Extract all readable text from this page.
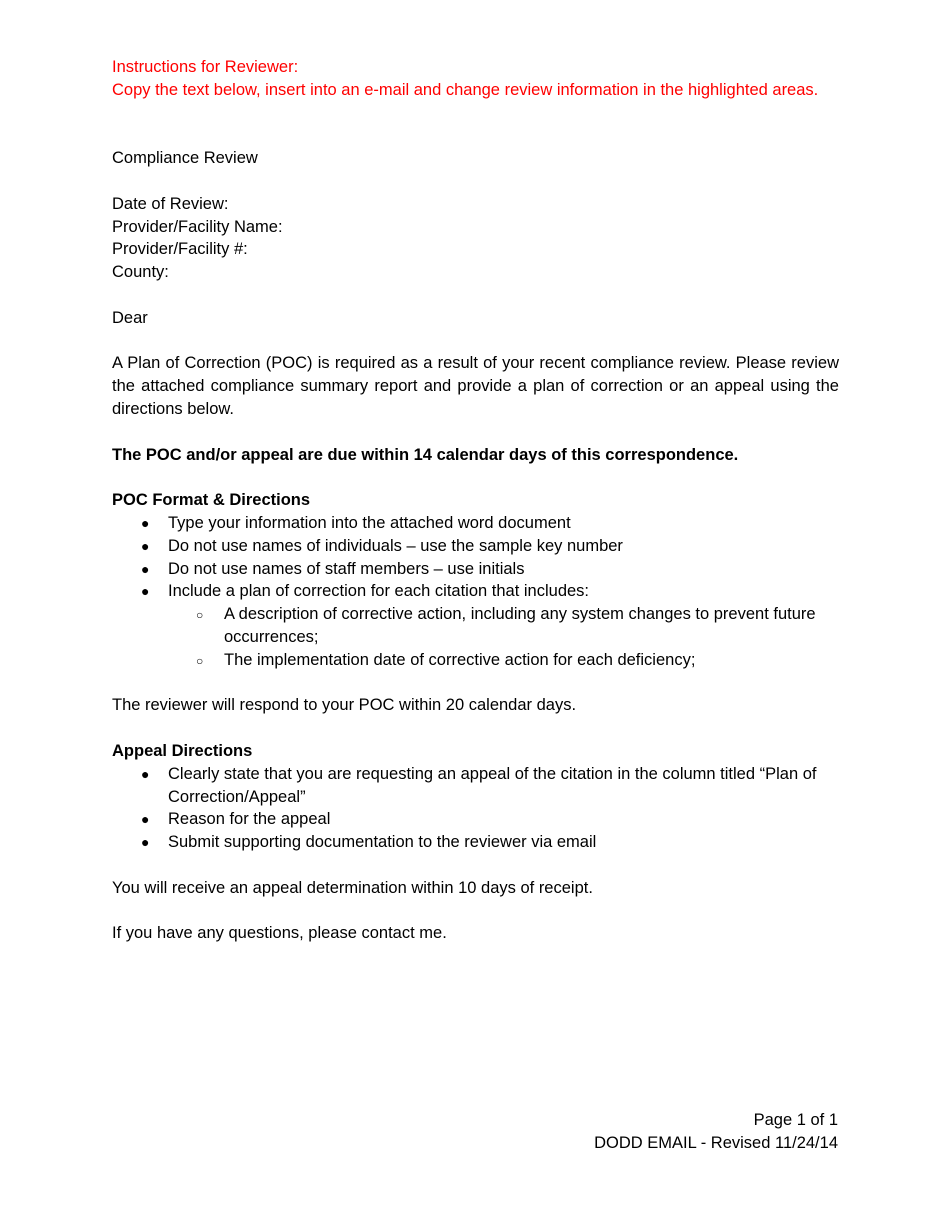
Instructions for Reviewer:

Copy the text below, insert into an e-mail and change review information in the highlighted areas.

Compliance Review

Date of Review:

Provider/Facility Name:

Provider/Facility #:

County:

Dear

A Plan of Correction (POC) is required as a result of your recent compliance review. Please review the attached compliance summary report and provide a plan of correction or an appeal using the directions below.

The POC and/or appeal are due within 14 calendar days of this correspondence.

POC Format & Directions

● Type your information into the attached word document
● Do not use names of individuals – use the sample key number
● Do not use names of staff members – use initials
● Include a plan of correction for each citation that includes:
○ A description of corrective action, including any system changes to prevent future occurrences;
○ The implementation date of corrective action for each deficiency;

The reviewer will respond to your POC within 20 calendar days.

Appeal Directions

● Clearly state that you are requesting an appeal of the citation in the column titled “Plan of Correction/Appeal”
● Reason for the appeal
● Submit supporting documentation to the reviewer via email

You will receive an appeal determination within 10 days of receipt.

If you have any questions, please contact me.

Page 1 of 1

DODD EMAIL - Revised 11/24/14
